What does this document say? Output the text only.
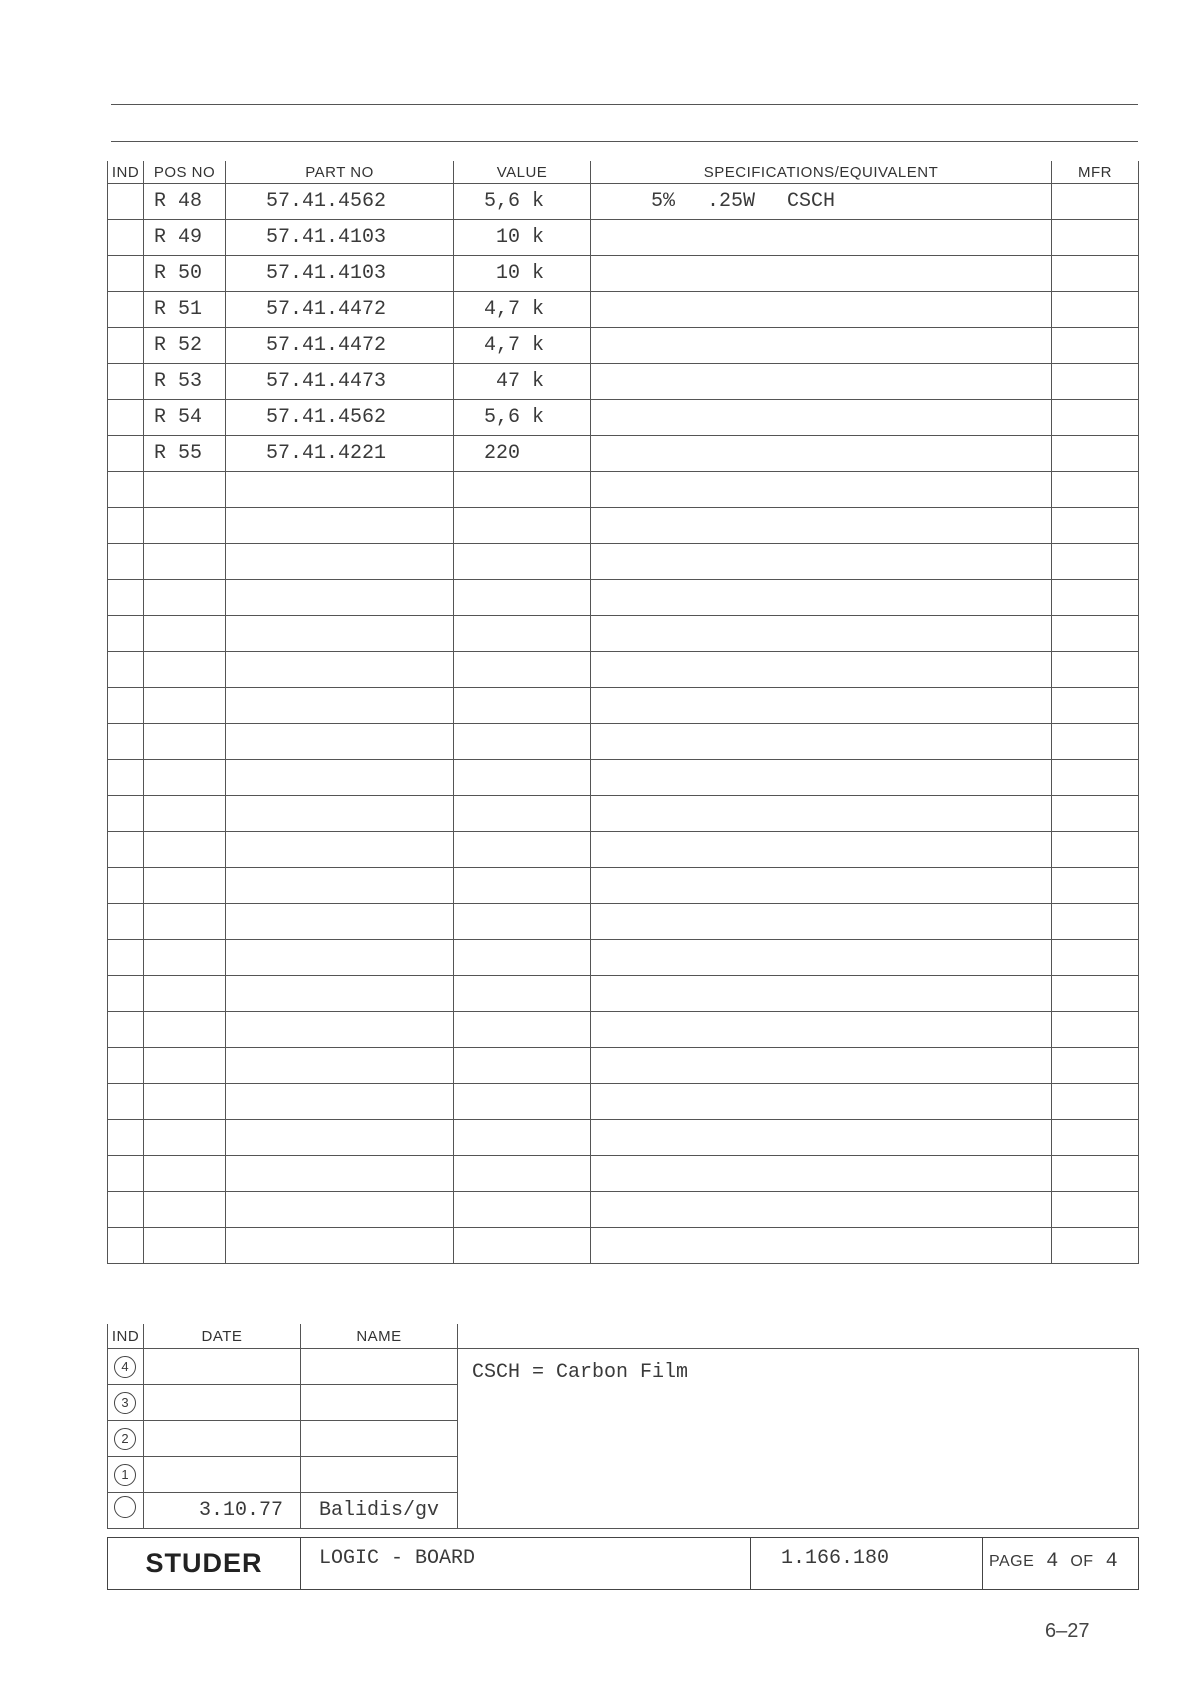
IND	POS NO	PART NO	VALUE	SPECIFICATIONS/EQUIVALENT	MFR
	R 48	57.41.4562	5,6 k	5% .25W CSCH	
	R 49	57.41.4103	10 k		
	R 50	57.41.4103	10 k		
	R 51	57.41.4472	4,7 k		
	R 52	57.41.4472	4,7 k		
	R 53	57.41.4473	47 k		
	R 54	57.41.4562	5,6 k		
	R 55	57.41.4221	220		

IND	DATE	NAME	
4			CSCH = Carbon Film
3			
2			
1			
	3.10.77	Balidis/gv	
STUDER	LOGIC - BOARD	1.166.180	PAGE 4 OF 4
6–27
